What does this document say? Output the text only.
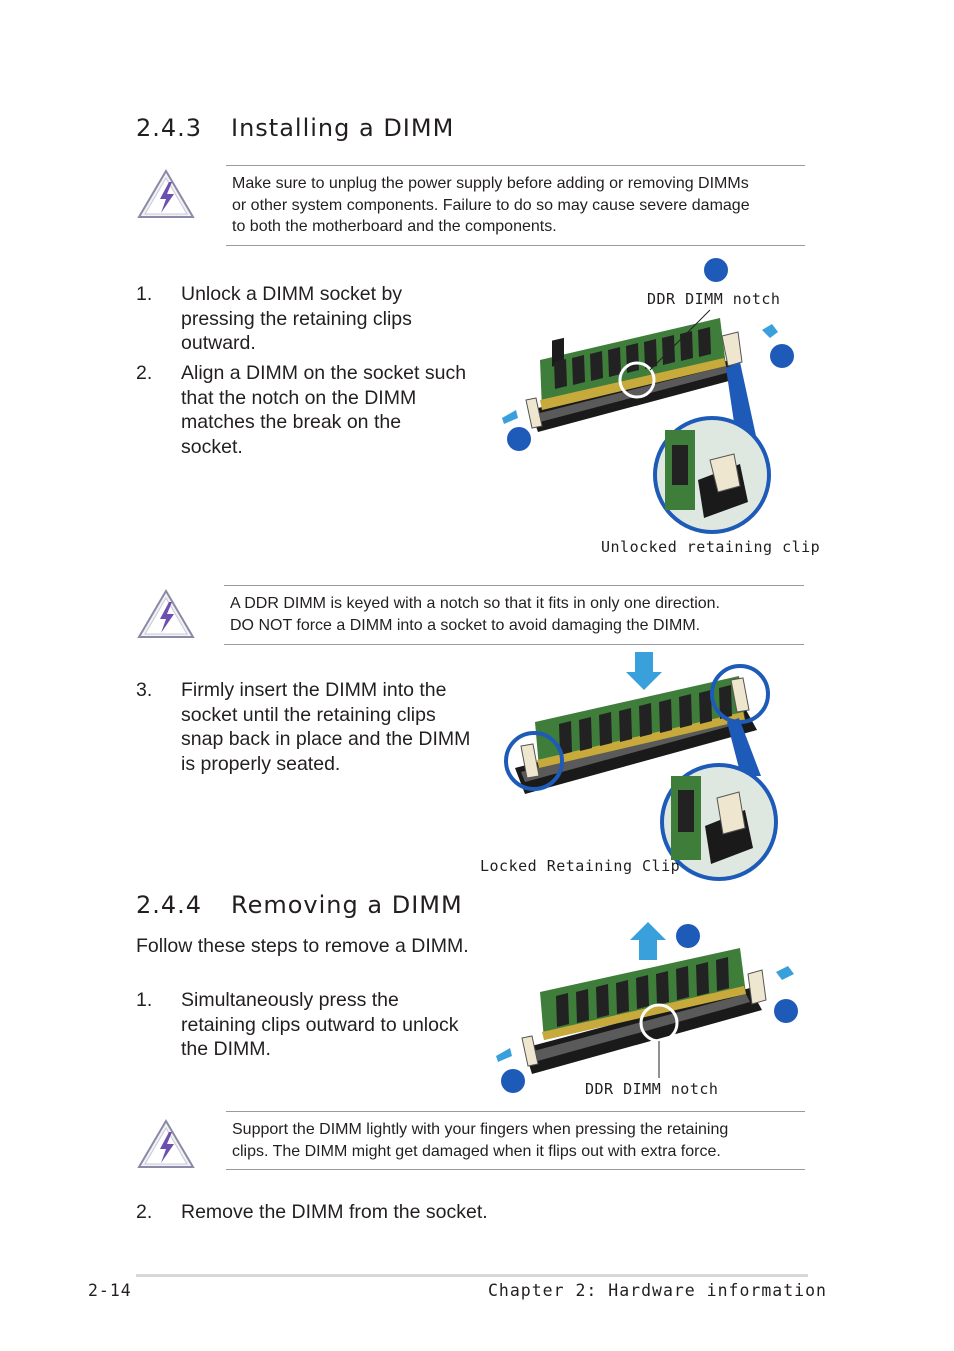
2.4.3 Installing a DIMM
Make sure to unplug the power supply before adding or removing DIMMs
or other system components. Failure to do so may cause severe damage
to both the motherboard and the components.
1. Unlock a DIMM socket by
pressing the retaining clips
outward.
2. Align a DIMM on the socket such
that the notch on the DIMM
matches the break on the
socket.
DDR DIMM notch
Unlocked retaining clip
A DDR DIMM is keyed with a notch so that it fits in only one direction.
DO NOT force a DIMM into a socket to avoid damaging the DIMM.
3. Firmly insert the DIMM into the
socket until the retaining clips
snap back in place and the DIMM
is properly seated.
Locked Retaining Clip
2.4.4 Removing a DIMM
Follow these steps to remove a DIMM.
1. Simultaneously press the
retaining clips outward to unlock
the DIMM.
DDR DIMM notch
Support the DIMM lightly with your fingers when pressing the retaining
clips. The DIMM might get damaged when it flips out with extra force.
2. Remove the DIMM from the socket.
2-14	Chapter 2: Hardware information
